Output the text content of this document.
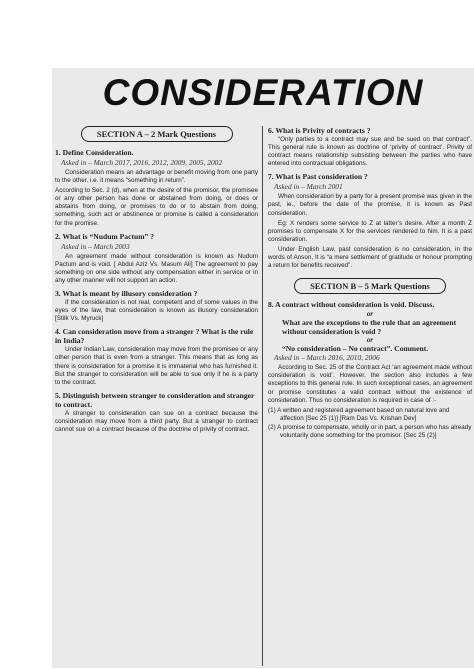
CONSIDERATION
SECTION A – 2 Mark Questions
1. Define Consideration.
Asked in – March 2017, 2016, 2012, 2009, 2005, 2002
Consideration means an advantage or benefit moving from one party to the other. i.e. it means “something in return”.
According to Sec. 2 (d), when at the desire of the promisor, the promisee or any other person has done or abstained from doing, or does or abstains from doing, or promises to do or to abstain from doing, something, such act or abstinence or promise is called a consideration for the promise.
2. What is “Nudum Pactum” ?
Asked in – March 2003
An agreement made without consideration is known as Nudum Pactum and is void. [ Abdul Aziz Vs. Masum Ali] The agreement to pay something on one side without any compensation either in service or in any other manner will not support an action.
3. What is meant by illusory consideration ?
If the consideration is not real, competent and of some values in the eyes of the law, that consideration is known as illusory consideration [Stilk Vs. Myruck]
4. Can consideration move from a stranger ? What is the rule in India?
Under Indian Law, consideration may move from the promisee or any other person that is even from a stranger. This means that as long as there is consideration for a promise it is immaterial who has furnished it. But the stranger to consideration will be able to sue only if he is a party to the contract.
5. Distinguish between stranger to consideration and stranger to contract.
A stranger to consideration can sue on a contract because the consideration may move from a third party. But a stranger to contract cannot sue on a contract because of the doctrine of privity of contract.
6. What is Privity of contracts ?
“Only parties to a contract may sue and be sued on that contract”. This general rule is known as doctrine of ‘privity of contract’. Privity of contract means relationship subsisting between the parties who have entered into contractual obligations.
7. What is Past consideration ?
Asked in – March 2001
When consideration by a party for a present promise was given in the past, ie., before the date of the promise, it is known as Past consideration.
Eg: X renders some service to Z at latter’s desire. After a month Z promises to compensate X for the services rendered to him. It is a past consideration.
Under English Law, past consideration is no consideration, in the words of Anson, It is “a mere settlement of gratitude or honour prompting a return for benefits received”.
SECTION B – 5 Mark Questions
8. A contract without consideration is void. Discuss.
or
What are the exceptions to the rule that an agreement without consideration is void ?
or
“No consideration – No contract”. Comment.
Asked in – March 2016, 2010, 2006
According to Sec. 25 of the Contract Act ‘an agreement made without consideration is void’. However, the section also includes a few exceptions to this general rule. In such exceptional cases, an agreement or promise constitutes a valid contract without the existence of consideration. Thus no consideration is required in case of :-
(1) A written and registered agreement based on natural love and affection [Sec 25 (1)] [Ram Das Vs. Krishan Dev]
(2) A promise to compensate, wholly or in part, a person who has already voluntarily done something for the promisor. [Sec 25 (2)]
